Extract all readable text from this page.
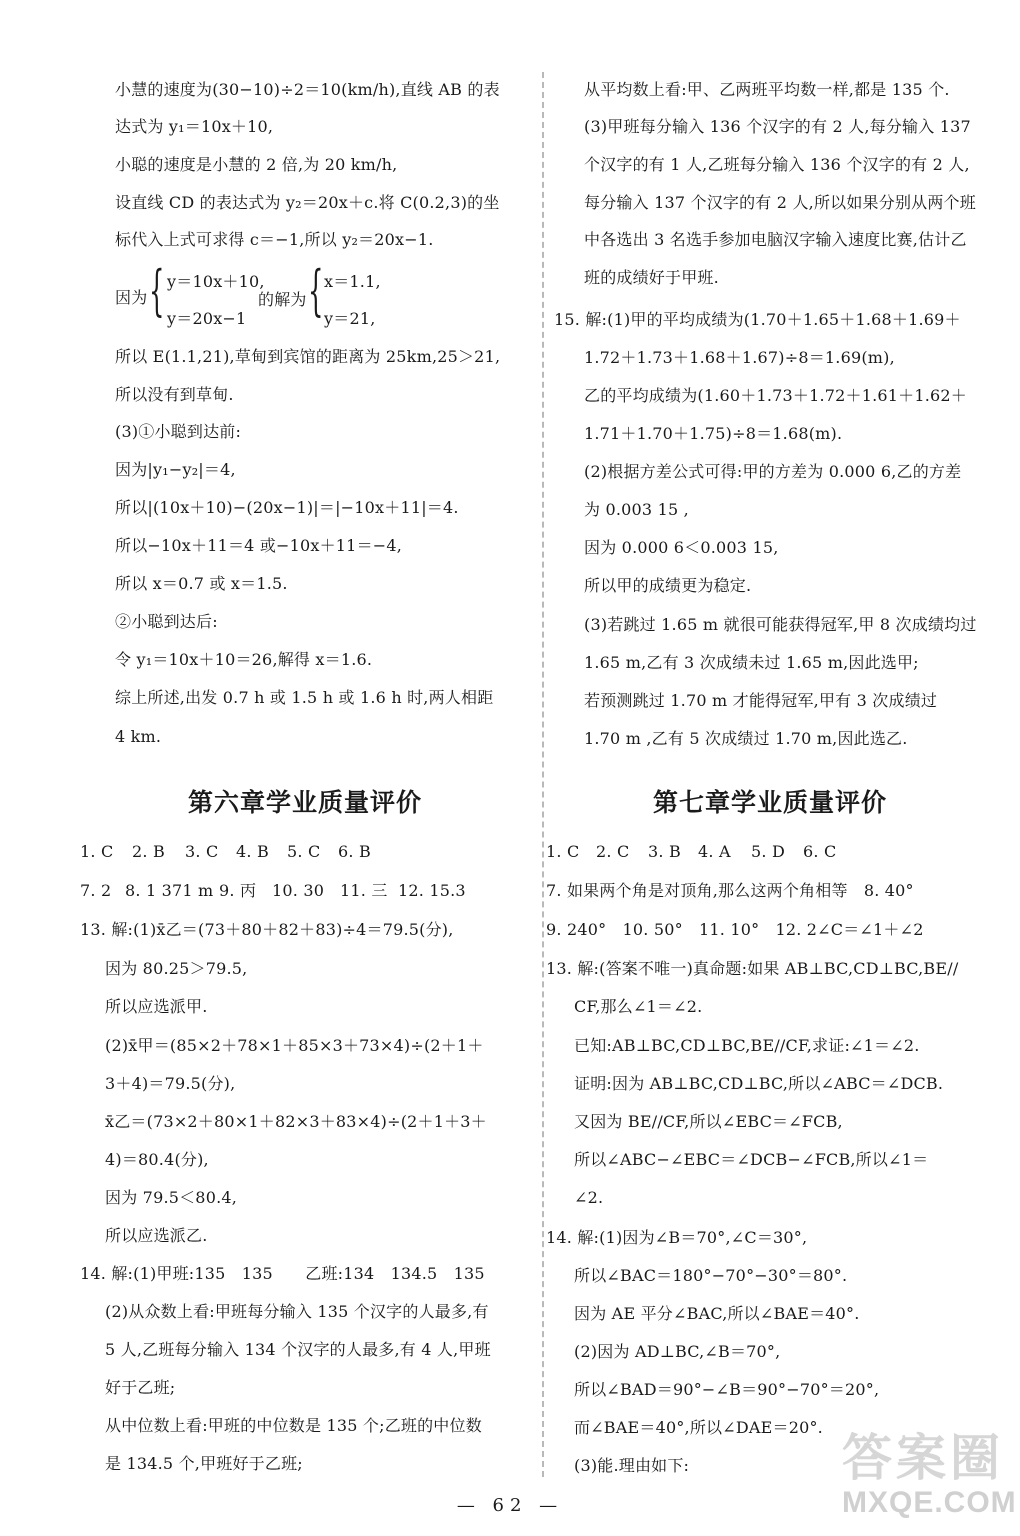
小慧的速度为(30−10)÷2＝10(km/h),直线 AB 的表
达式为 y₁＝10x＋10,
小聪的速度是小慧的 2 倍,为 20 km/h,
设直线 CD 的表达式为 y₂＝20x＋c.将 C(0.2,3)的坐
标代入上式可求得 c＝−1,所以 y₂＝20x−1.
因为 { y＝10x＋10,
y＝20x−1
的解为 { x＝1.1,
y＝21,
所以 E(1.1,21),草甸到宾馆的距离为 25km,25＞21,
所以没有到草甸.
(3)①小聪到达前:
因为|y₁−y₂|＝4,
所以|(10x＋10)−(20x−1)|＝|−10x＋11|＝4.
所以−10x＋11＝4 或−10x＋11＝−4,
所以 x＝0.7 或 x＝1.5.
②小聪到达后:
令 y₁＝10x＋10＝26,解得 x＝1.6.
综上所述,出发 0.7 h 或 1.5 h 或 1.6 h 时,两人相距
4 km.
第六章学业质量评价
1. C 2. B 3. C 4. B 5. C 6. B
7. 2 8. 1 371 m 9. 丙 10. 30 11. 三 12. 15.3
13. 解:(1)x̄乙＝(73＋80＋82＋83)÷4＝79.5(分),
因为 80.25＞79.5,
所以应选派甲.
(2)x̄甲＝(85×2＋78×1＋85×3＋73×4)÷(2＋1＋
3＋4)＝79.5(分),
x̄乙＝(73×2＋80×1＋82×3＋83×4)÷(2＋1＋3＋
4)＝80.4(分),
因为 79.5＜80.4,
所以应选派乙.
14. 解:(1)甲班:135　135　　乙班:134　134.5　135
(2)从众数上看:甲班每分输入 135 个汉字的人最多,有
5 人,乙班每分输入 134 个汉字的人最多,有 4 人,甲班
好于乙班;
从中位数上看:甲班的中位数是 135 个;乙班的中位数
是 134.5 个,甲班好于乙班;
从平均数上看:甲、乙两班平均数一样,都是 135 个.
(3)甲班每分输入 136 个汉字的有 2 人,每分输入 137
个汉字的有 1 人,乙班每分输入 136 个汉字的有 2 人,
每分输入 137 个汉字的有 2 人,所以如果分别从两个班
中各选出 3 名选手参加电脑汉字输入速度比赛,估计乙
班的成绩好于甲班.
15. 解:(1)甲的平均成绩为(1.70＋1.65＋1.68＋1.69＋
1.72＋1.73＋1.68＋1.67)÷8＝1.69(m),
乙的平均成绩为(1.60＋1.73＋1.72＋1.61＋1.62＋
1.71＋1.70＋1.75)÷8＝1.68(m).
(2)根据方差公式可得:甲的方差为 0.000 6,乙的方差
为 0.003 15 ,
因为 0.000 6＜0.003 15,
所以甲的成绩更为稳定.
(3)若跳过 1.65 m 就很可能获得冠军,甲 8 次成绩均过
1.65 m,乙有 3 次成绩未过 1.65 m,因此选甲;
若预测跳过 1.70 m 才能得冠军,甲有 3 次成绩过
1.70 m ,乙有 5 次成绩过 1.70 m,因此选乙.
第七章学业质量评价
1. C 2. C 3. B 4. A 5. D 6. C
7. 如果两个角是对顶角,那么这两个角相等　8. 40°
9. 240°　10. 50°　11. 10°　12. 2∠C＝∠1＋∠2
13. 解:(答案不唯一)真命题:如果 AB⊥BC,CD⊥BC,BE//
CF,那么∠1＝∠2.
已知:AB⊥BC,CD⊥BC,BE//CF,求证:∠1＝∠2.
证明:因为 AB⊥BC,CD⊥BC,所以∠ABC＝∠DCB.
又因为 BE//CF,所以∠EBC＝∠FCB,
所以∠ABC−∠EBC＝∠DCB−∠FCB,所以∠1＝
∠2.
14. 解:(1)因为∠B＝70°,∠C＝30°,
所以∠BAC＝180°−70°−30°＝80°.
因为 AE 平分∠BAC,所以∠BAE＝40°.
(2)因为 AD⊥BC,∠B＝70°,
所以∠BAD＝90°−∠B＝90°−70°＝20°,
而∠BAE＝40°,所以∠DAE＝20°.
(3)能.理由如下:
— 62 —
答 案 圈
MXQE.COM
